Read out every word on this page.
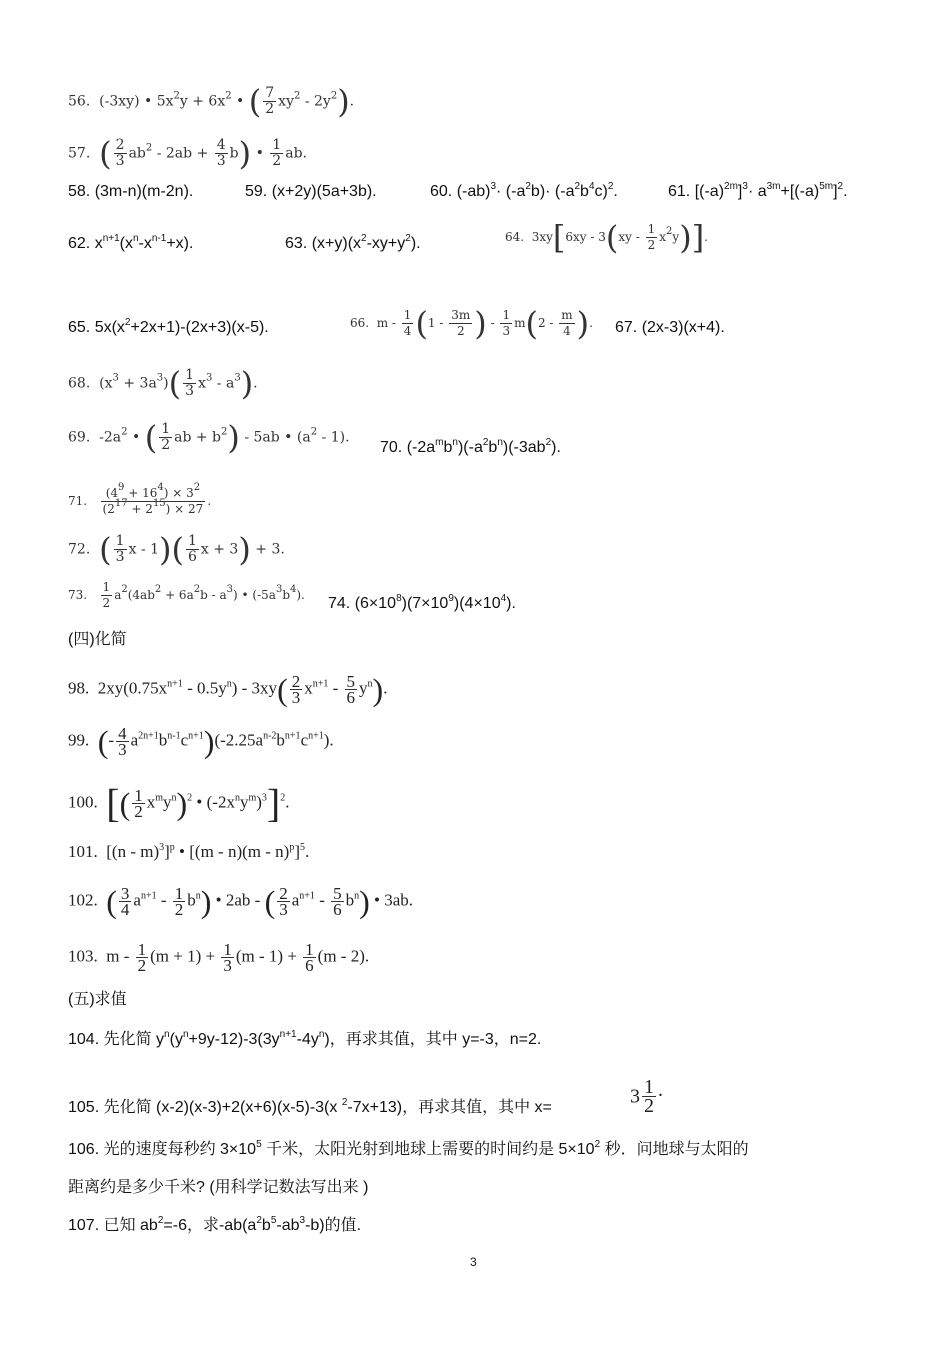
56. (-3xy) • $5x^2y + 6x^2$ • ( $\frac{7}{2} xy^2 - 2y^2$).
57. ( $\frac{2}{3} ab^2 - 2ab + \frac{4}{3} b$) • $\frac{1}{2}$ ab.
58. (3m-n)(m-2n).	59. (x+2y)(5a+3b).	60. $(-ab)^3\cdot (-a^2b)\cdot (-a^2b^4c)^2$.	61. $[(-a)^{2m}]^3\cdot a^{3m}+[(-a)^{5m}]^2$.
62. $x^{n+1}(x^n-x^{n-1}+x)$.	63. $(x+y)(x^2-xy+y^2)$.	64. $3xy[6xy - 3(xy - \frac{1}{2} x^2y)]$.
65. $5x(x^2+2x+1)-(2x+3)(x-5)$.	66. m - $\frac{1}{4} (1 - \frac{3m}{2}$ ) - $\frac{1}{3} m(2 - \frac{m}{4}$ ). 67. (2x-3)(x+4).
68. $(x^3 + 3a^3)( \frac{1}{3} x^3 - a^3)$.
69. $-2a^2$ • ( $\frac{1}{2}$ ab + $b^2) - 5ab$ • $(a^2 - 1)$.
70. $(-2a^mb^n)(-a^2b^n)(-3ab^2)$.
71. $\frac{(4^9 + 16^4) \times 3^2}{(2^{17} + 2^{15}) \times 27}$ .
72. ( $\frac{1}{3}$ x - $1)( \frac{1}{6}$ x + 3) + 3.
73. $\frac{1}{2} a^2(4ab^2 + 6a^2b - a^3)$ • $(-5a^3b^4)$. 74. $(6\times 10^8)(7\times 10^9)(4\times 10^4)$.
(四)化简
98. $2xy(0.75x^{n+1} - 0.5y^n) - 3xy( \frac{2}{3} x^{n+1} - \frac{5}{6} y^n)$.
99. (- $\frac{4}{3} a^{2n+1}b^{n-1}c^{n+1})(-2.25a^{n-2}b^{n+1}c^{n+1})$.
100. [( $\frac{1}{2} x^my^n)^2$ • $(-2x^ny^m)^3]^2$.
101. [(n - m)$^3$]$^p$ • [(m - n)(m - n)$^p$]$^5$.
102. ( $\frac{3}{4} a^{n+1} - \frac{1}{2} b^n$) • 2ab - ( $\frac{2}{3} a^{n+1} - \frac{5}{6} b^n$) • 3ab.
103. $m - \frac{1}{2} (m + 1) + \frac{1}{3} (m - 1) + \frac{1}{6} (m - 2)$.
(五)求值
104. 先化简 $y^n(y^n+9y-12)-3(3y^{n+1}-4y^n)$，再求其值，其中 y=-3，n=2.
105. 先化简 (x-2)(x-3)+2(x+6)(x-5)-3(x $^2$-7x+13)，再求其值，其中 x=	$3 \frac{1}{2}$ .
106. 光的速度每秒约 $3\times 10^5$ 千米，太阳光射到地球上需要的时间约是 $5\times 10^2$ 秒．问地球与太阳的
距离约是多少千米? (用科学记数法写出来 )
107. 已知 $ab^2=-6$，求$-ab(a^2b^5-ab^3-b)$的值.
3
